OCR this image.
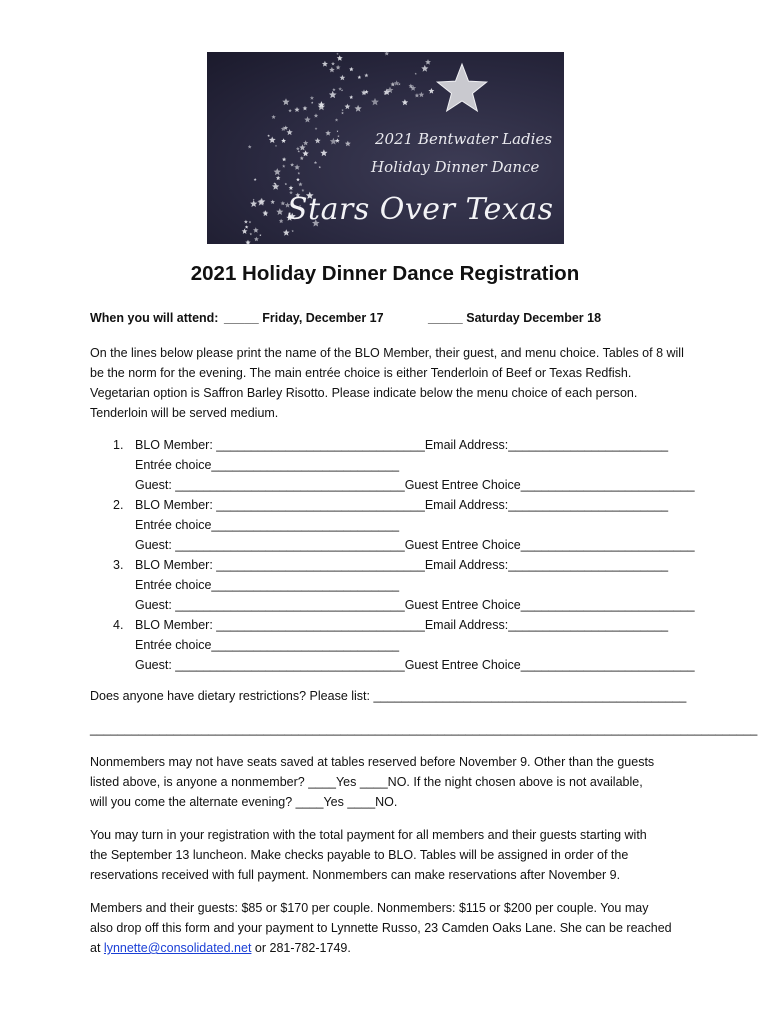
2021 Bentwater Ladies
Holiday Dinner Dance
Stars Over Texas
2021 Holiday Dinner Dance Registration
When you will attend: _____ Friday, December 17	_____ Saturday December 18
On the lines below please print the name of the BLO Member, their guest, and menu choice. Tables of 8 will be the norm for the evening. The main entrée choice is either Tenderloin of Beef or Texas Redfish. Vegetarian option is Saffron Barley Risotto. Please indicate below the menu choice of each person. Tenderloin will be served medium.
1. BLO Member: ______________________________Email Address:_______________________
Entrée choice___________________________
Guest: _________________________________Guest Entree Choice_________________________
2. BLO Member: ______________________________Email Address:_______________________
Entrée choice___________________________
Guest: _________________________________Guest Entree Choice_________________________
3. BLO Member: ______________________________Email Address:_______________________
Entrée choice___________________________
Guest: _________________________________Guest Entree Choice_________________________
4. BLO Member: ______________________________Email Address:_______________________
Entrée choice___________________________
Guest: _________________________________Guest Entree Choice_________________________
Does anyone have dietary restrictions? Please list: _____________________________________________
________________________________________________________________________________________________
Nonmembers may not have seats saved at tables reserved before November 9. Other than the guests
listed above, is anyone a nonmember? ____Yes ____NO. If the night chosen above is not available,
will you come the alternate evening? ____Yes ____NO.
You may turn in your registration with the total payment for all members and their guests starting with
the September 13 luncheon. Make checks payable to BLO. Tables will be assigned in order of the
reservations received with full payment. Nonmembers can make reservations after November 9.
Members and their guests: $85 or $170 per couple. Nonmembers: $115 or $200 per couple. You may
also drop off this form and your payment to Lynnette Russo, 23 Camden Oaks Lane. She can be reached
at lynnette@consolidated.net or 281-782-1749.
